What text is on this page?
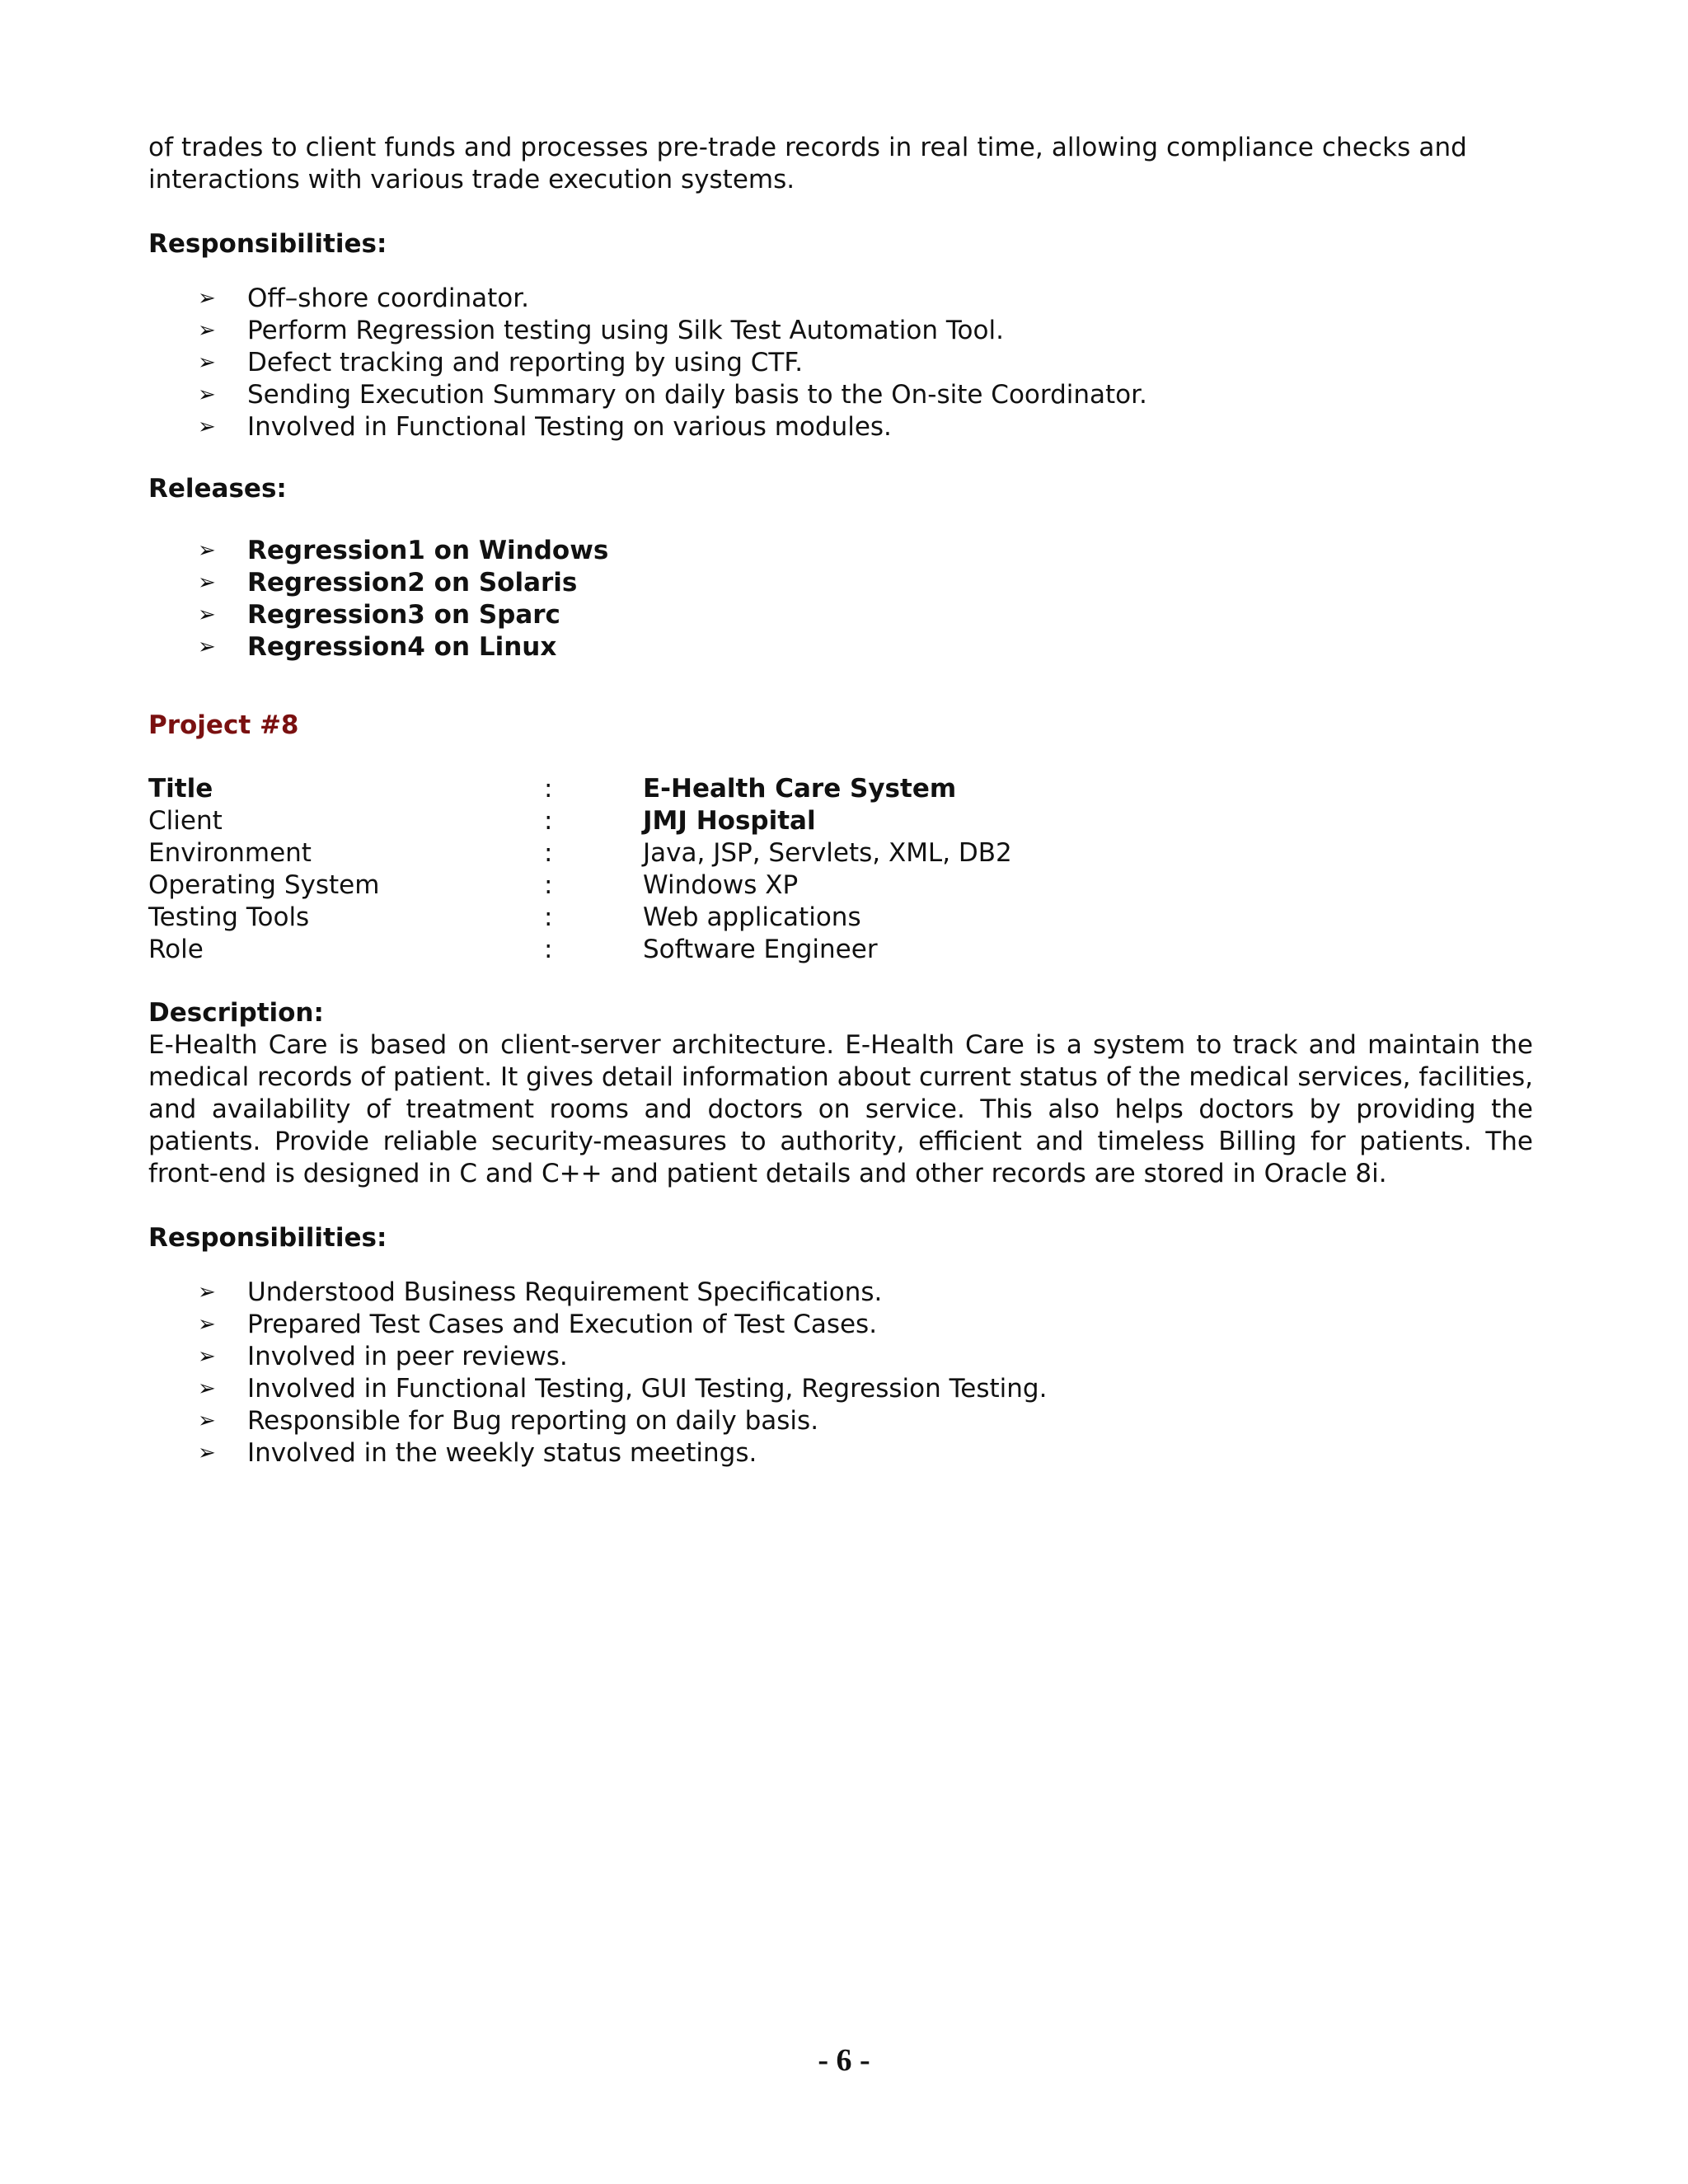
of trades to client funds and processes pre-trade records in real time, allowing compliance checks and

interactions with various trade execution systems.

Responsibilities:

➢ Off–shore coordinator.
➢ Perform Regression testing using Silk Test Automation Tool.
➢ Defect tracking and reporting by using CTF.
➢ Sending Execution Summary on daily basis to the On-site Coordinator.
➢ Involved in Functional Testing on various modules.

Releases:

➢ Regression1 on Windows
➢ Regression2 on Solaris
➢ Regression3 on Sparc
➢ Regression4 on Linux

Project #8

Title	:	E-Health Care System
Client	:	JMJ Hospital
Environment	:	Java, JSP, Servlets, XML, DB2
Operating System	:	Windows XP
Testing Tools	:	Web applications
Role	:	Software Engineer

Description:

E-Health Care is based on client-server architecture. E-Health Care is a system to track and maintain the medical records of patient. It gives detail information about current status of the medical services, facilities, and availability of treatment rooms and doctors on service. This also helps doctors by providing the patients. Provide reliable security-measures to authority, efficient and timeless Billing for patients. The front-end is designed in C and C++ and patient details and other records are stored in Oracle 8i.

Responsibilities:

➢ Understood Business Requirement Specifications.
➢ Prepared Test Cases and Execution of Test Cases.
➢ Involved in peer reviews.
➢ Involved in Functional Testing, GUI Testing, Regression Testing.
➢ Responsible for Bug reporting on daily basis.
➢ Involved in the weekly status meetings.
- 6 -
